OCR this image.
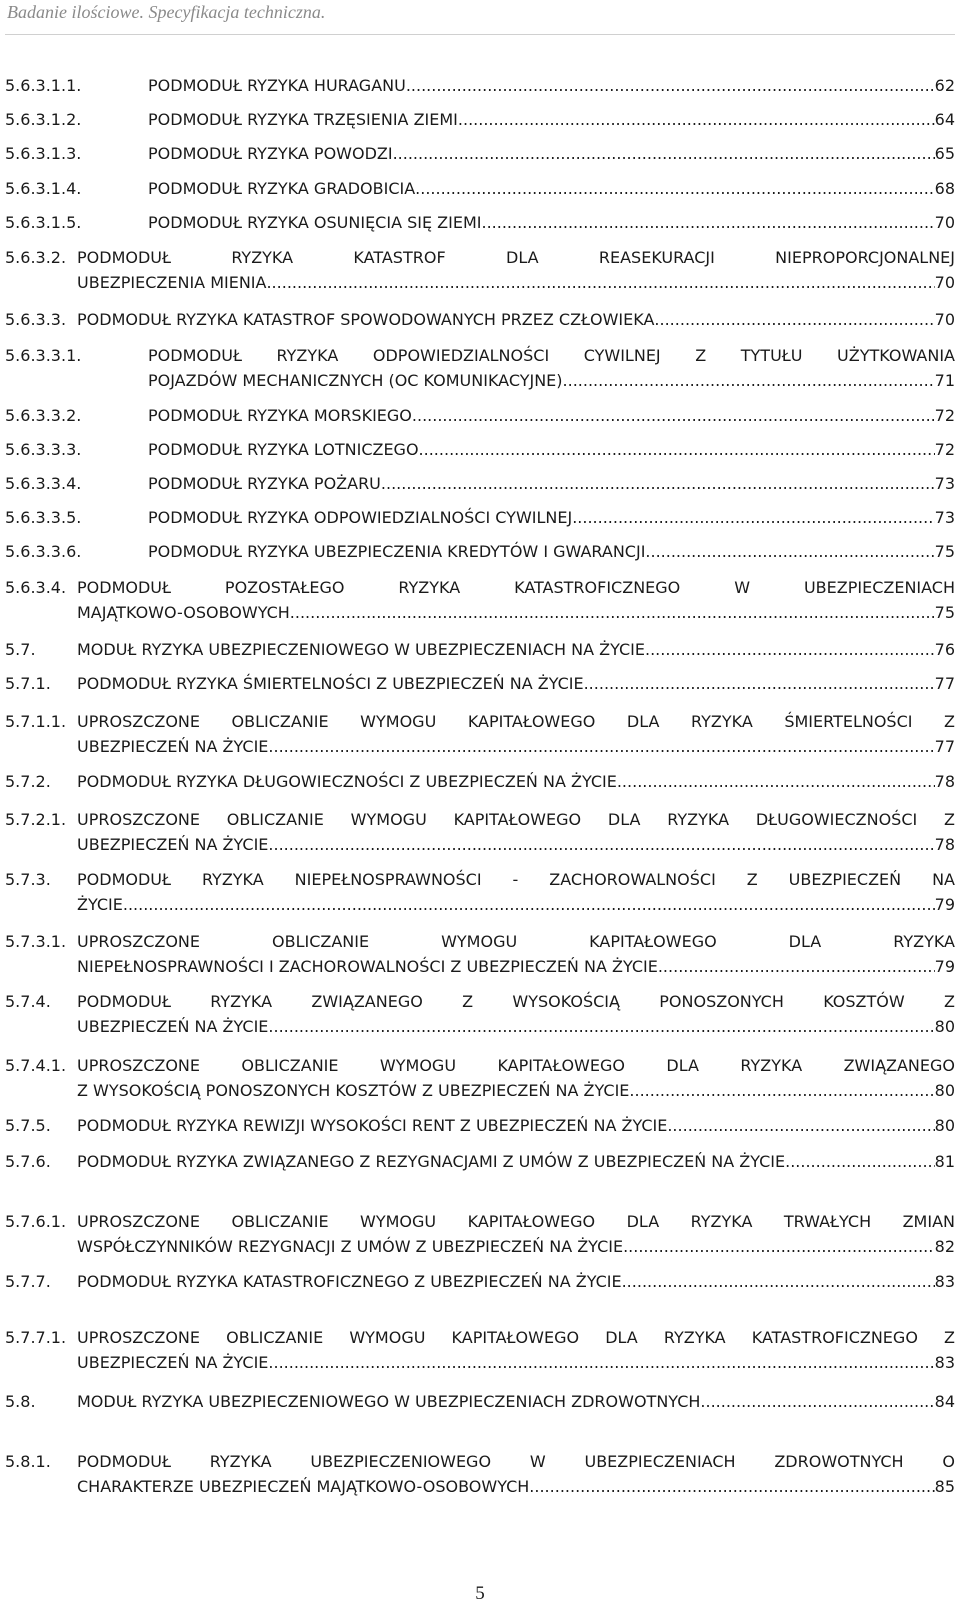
Badanie ilościowe. Specyfikacja techniczna.
5.6.3.1.1.	PODMODUŁ RYZYKA HURAGANU .....	62
5.6.3.1.2.	PODMODUŁ RYZYKA TRZĘSIENIA ZIEMI .....	64
5.6.3.1.3.	PODMODUŁ RYZYKA POWODZI .....	65
5.6.3.1.4.	PODMODUŁ RYZYKA GRADOBICIA .....	68
5.6.3.1.5.	PODMODUŁ RYZYKA OSUNIĘCIA SIĘ ZIEMI .....	70
5.6.3.2. PODMODUŁ RYZYKA KATASTROF DLA REASEKURACJI NIEPROPORCJONALNEJ
UBEZPIECZENIA MIENIA .....	70
5.6.3.3. PODMODUŁ RYZYKA KATASTROF SPOWODOWANYCH PRZEZ CZŁOWIEKA .....	70
5.6.3.3.1.	PODMODUŁ RYZYKA ODPOWIEDZIALNOŚCI CYWILNEJ Z TYTUŁU UŻYTKOWANIA
POJAZDÓW MECHANICZNYCH (OC KOMUNIKACYJNE) .....	71
5.6.3.3.2.	PODMODUŁ RYZYKA MORSKIEGO .....	72
5.6.3.3.3.	PODMODUŁ RYZYKA LOTNICZEGO .....	72
5.6.3.3.4.	PODMODUŁ RYZYKA POŻARU .....	73
5.6.3.3.5.	PODMODUŁ RYZYKA ODPOWIEDZIALNOŚCI CYWILNEJ .....	73
5.6.3.3.6.	PODMODUŁ RYZYKA UBEZPIECZENIA KREDYTÓW I GWARANCJI .....	75
5.6.3.4. PODMODUŁ POZOSTAŁEGO RYZYKA KATASTROFICZNEGO W UBEZPIECZENIACH
MAJĄTKOWO-OSOBOWYCH .....	75
5.7.	MODUŁ RYZYKA UBEZPIECZENIOWEGO W UBEZPIECZENIACH NA ŻYCIE .....	76
5.7.1. PODMODUŁ RYZYKA ŚMIERTELNOŚCI Z UBEZPIECZEŃ NA ŻYCIE .....	77
5.7.1.1. UPROSZCZONE OBLICZANIE WYMOGU KAPITAŁOWEGO DLA RYZYKA ŚMIERTELNOŚCI Z
UBEZPIECZEŃ NA ŻYCIE .....	77
5.7.2. PODMODUŁ RYZYKA DŁUGOWIECZNOŚCI Z UBEZPIECZEŃ NA ŻYCIE .....	78
5.7.2.1. UPROSZCZONE OBLICZANIE WYMOGU KAPITAŁOWEGO DLA RYZYKA DŁUGOWIECZNOŚCI Z
UBEZPIECZEŃ NA ŻYCIE .....	78
5.7.3. PODMODUŁ RYZYKA NIEPEŁNOSPRAWNOŚCI - ZACHOROWALNOŚCI Z UBEZPIECZEŃ NA
ŻYCIE .....	79
5.7.3.1. UPROSZCZONE OBLICZANIE WYMOGU KAPITAŁOWEGO DLA RYZYKA
NIEPEŁNOSPRAWNOŚCI I ZACHOROWALNOŚCI Z UBEZPIECZEŃ NA ŻYCIE .....	79
5.7.4. PODMODUŁ RYZYKA ZWIĄZANEGO Z WYSOKOŚCIĄ PONOSZONYCH KOSZTÓW Z
UBEZPIECZEŃ NA ŻYCIE .....	80
5.7.4.1. UPROSZCZONE OBLICZANIE WYMOGU KAPITAŁOWEGO DLA RYZYKA ZWIĄZANEGO
Z WYSOKOŚCIĄ PONOSZONYCH KOSZTÓW Z UBEZPIECZEŃ NA ŻYCIE .....	80
5.7.5. PODMODUŁ RYZYKA REWIZJI WYSOKOŚCI RENT Z UBEZPIECZEŃ NA ŻYCIE .....	80
5.7.6. PODMODUŁ RYZYKA ZWIĄZANEGO Z REZYGNACJAMI Z UMÓW Z UBEZPIECZEŃ NA ŻYCIE .....	81
5.7.6.1. UPROSZCZONE OBLICZANIE WYMOGU KAPITAŁOWEGO DLA RYZYKA TRWAŁYCH ZMIAN
WSPÓŁCZYNNIKÓW REZYGNACJI Z UMÓW Z UBEZPIECZEŃ NA ŻYCIE .....	82
5.7.7. PODMODUŁ RYZYKA KATASTROFICZNEGO Z UBEZPIECZEŃ NA ŻYCIE .....	83
5.7.7.1. UPROSZCZONE OBLICZANIE WYMOGU KAPITAŁOWEGO DLA RYZYKA KATASTROFICZNEGO Z
UBEZPIECZEŃ NA ŻYCIE .....	83
5.8.	MODUŁ RYZYKA UBEZPIECZENIOWEGO W UBEZPIECZENIACH ZDROWOTNYCH .....	84
5.8.1. PODMODUŁ RYZYKA UBEZPIECZENIOWEGO W UBEZPIECZENIACH ZDROWOTNYCH O
CHARAKTERZE UBEZPIECZEŃ MAJĄTKOWO-OSOBOWYCH .....	85
5
